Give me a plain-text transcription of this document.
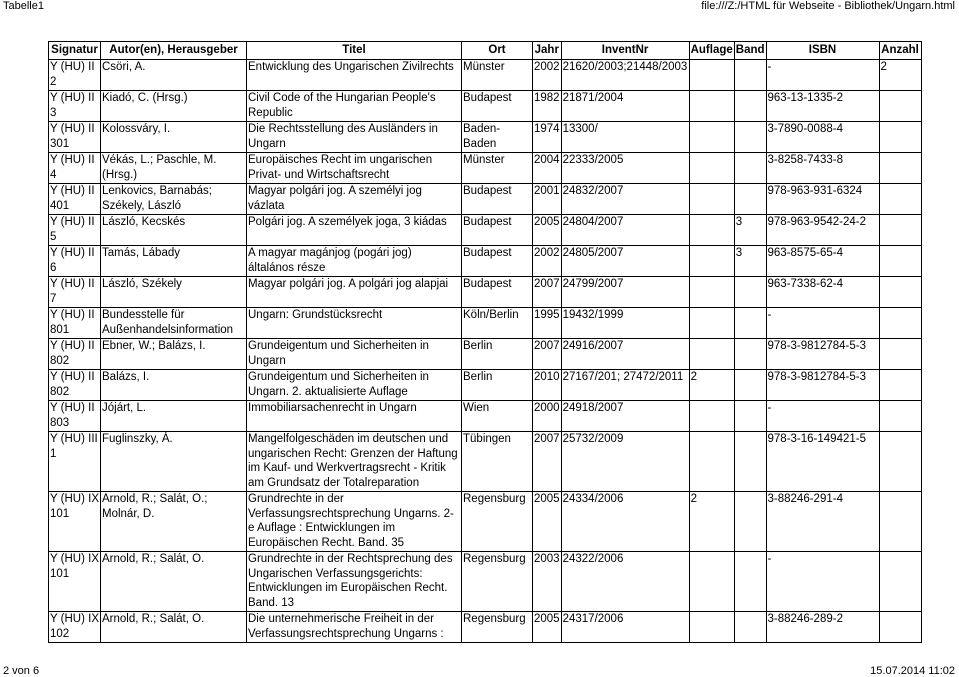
Tabelle1	file:///Z:/HTML für Webseite - Bibliothek/Ungarn.html
Signatur	Autor(en), Herausgeber	Titel	Ort	Jahr	InventNr	Auflage	Band	ISBN	Anzahl
Y (HU) II 2	Csöri, A.	Entwicklung des Ungarischen Zivilrechts	Münster	2002	21620/2003;21448/2003			-	2
Y (HU) II 3	Kiadó, C. (Hrsg.)	Civil Code of the Hungarian People's Republic	Budapest	1982	21871/2004			963-13-1335-2	
Y (HU) II 301	Kolossváry, I.	Die Rechtsstellung des Ausländers in Ungarn	Baden-Baden	1974	13300/			3-7890-0088-4	
Y (HU) II 4	Vékás, L.; Paschle, M. (Hrsg.)	Europäisches Recht im ungarischen Privat- und Wirtschaftsrecht	Münster	2004	22333/2005			3-8258-7433-8	
Y (HU) II 401	Lenkovics, Barnabás; Székely, László	Magyar polgári jog. A személyi jog vázlata	Budapest	2001	24832/2007			978-963-931-6324	
Y (HU) II 5	László, Kecskés	Polgári jog. A személyek joga, 3 kiádas	Budapest	2005	24804/2007		3	978-963-9542-24-2	
Y (HU) II 6	Tamás, Lábady	A magyar magánjog (pogári jog) általános része	Budapest	2002	24805/2007		3	963-8575-65-4	
Y (HU) II 7	László, Székely	Magyar polgári jog. A polgári jog alapjai	Budapest	2007	24799/2007			963-7338-62-4	
Y (HU) II 801	Bundesstelle für Außenhandelsinformation	Ungarn: Grundstücksrecht	Köln/Berlin	1995	19432/1999			-	
Y (HU) II 802	Ebner, W.; Balázs, I.	Grundeigentum und Sicherheiten in Ungarn	Berlin	2007	24916/2007			978-3-9812784-5-3	
Y (HU) II 802	Balázs, I.	Grundeigentum und Sicherheiten in Ungarn. 2. aktualisierte Auflage	Berlin	2010	27167/201; 27472/2011	2		978-3-9812784-5-3	
Y (HU) II 803	Jójárt, L.	Immobiliarsachenrecht in Ungarn	Wien	2000	24918/2007			-	
Y (HU) III 1	Fuglinszky, Á.	Mangelfolgeschäden im deutschen und ungarischen Recht: Grenzen der Haftung im Kauf- und Werkvertragsrecht - Kritik am Grundsatz der Totalreparation	Tübingen	2007	25732/2009			978-3-16-149421-5	
Y (HU) IX 101	Arnold, R.; Salát, O.; Molnár, D.	Grundrechte in der Verfassungsrechtsprechung Ungarns. 2-e Auflage : Entwicklungen im Europäischen Recht. Band. 35	Regensburg	2005	24334/2006	2		3-88246-291-4	
Y (HU) IX 101	Arnold, R.; Salát, O.	Grundrechte in der Rechtsprechung des Ungarischen Verfassungsgerichts: Entwicklungen im Europäischen Recht. Band. 13	Regensburg	2003	24322/2006			-	
Y (HU) IX 102	Arnold, R.; Salát, O.	Die unternehmerische Freiheit in der Verfassungsrechtsprechung Ungarns :	Regensburg	2005	24317/2006			3-88246-289-2	
2 von 6	15.07.2014 11:02
